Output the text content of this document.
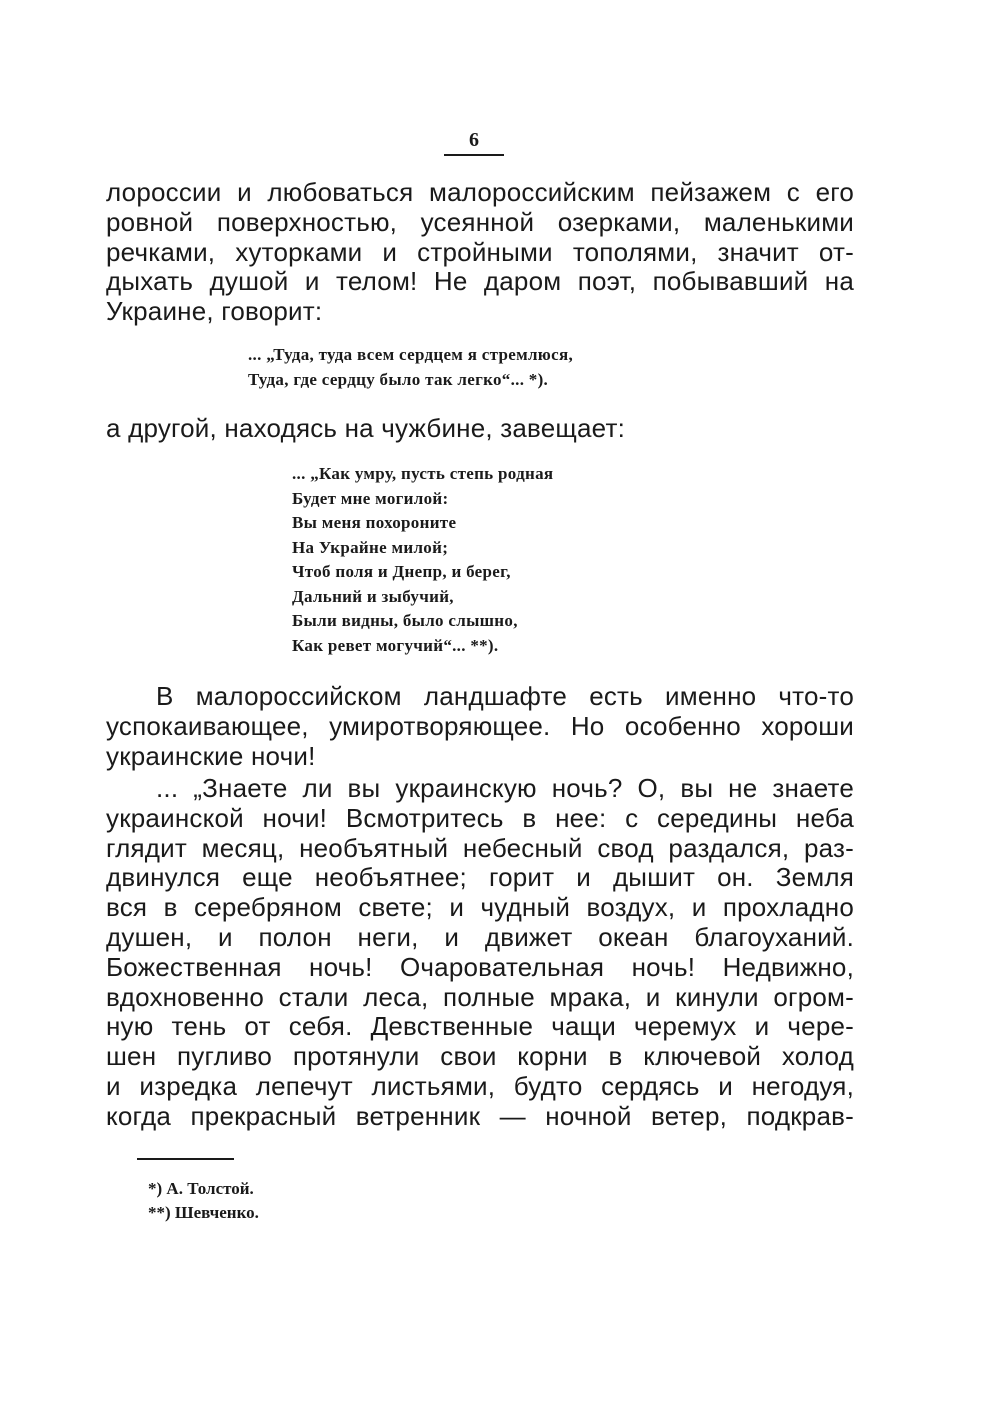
6
лороссии и любоваться малороссийским пейзажем с его
ровной поверхностью, усеянной озерками, маленькими
речками, хуторками и стройными тополями, значит от-
дыхать душой и телом! Не даром поэт, побывавший на
Украине, говорит:
... „Туда, туда всем сердцем я стремлюся,
Туда, где сердцу было так легко“... *).
а другой, находясь на чужбине, завещает:
... „Как умру, пусть степь родная
Будет мне могилой:
Вы меня похороните
На Украйне милой;
Чтоб поля и Днепр, и берег,
Дальний и зыбучий,
Были видны, было слышно,
Как ревет могучий“... **).
В малороссийском ландшафте есть именно что-то
успокаивающее, умиротворяющее. Но особенно хороши
украинские ночи!
... „Знаете ли вы украинскую ночь? О, вы не знаете
украинской ночи! Всмотритесь в нее: с середины неба
глядит месяц, необъятный небесный свод раздался, раз-
двинулся еще необъятнее; горит и дышит он. Земля
вся в серебряном свете; и чудный воздух, и прохладно
душен, и полон неги, и движет океан благоуханий.
Божественная ночь! Очаровательная ночь! Недвижно,
вдохновенно стали леса, полные мрака, и кинули огром-
ную тень от себя. Девственные чащи черемух и чере-
шен пугливо протянули свои корни в ключевой холод
и изредка лепечут листьями, будто сердясь и негодуя,
когда прекрасный ветренник — ночной ветер, подкрав-
*) А. Толстой.
**) Шевченко.
